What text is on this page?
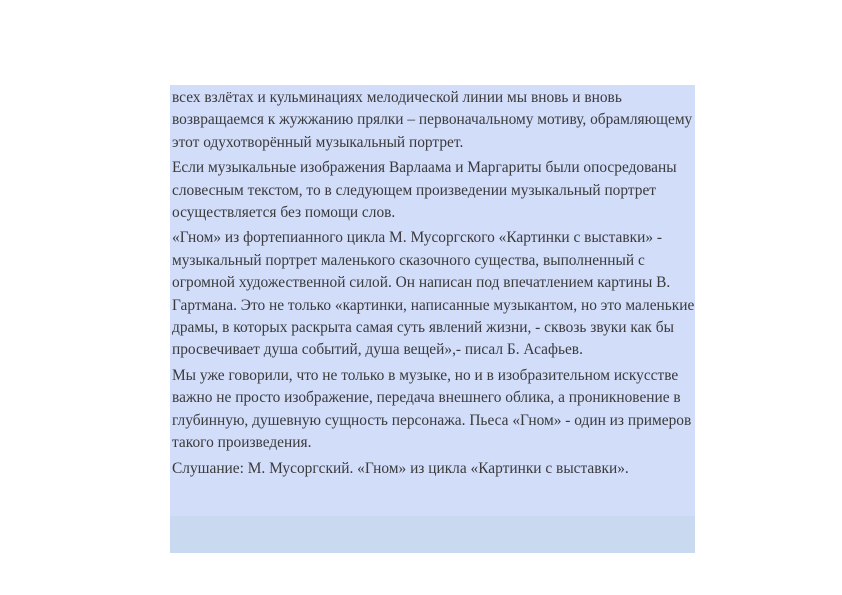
всех взлётах и кульминациях мелодической линии мы вновь и вновь возвращаемся к жужжанию прялки – первоначальному мотиву, обрамляющему этот одухотворённый музыкальный портрет.

Если музыкальные изображения Варлаама и Маргариты были опосредованы словесным текстом, то в следующем произведении музыкальный портрет осуществляется без помощи слов.

«Гном» из фортепианного цикла М. Мусоргского «Картинки с выставки» - музыкальный портрет маленького сказочного существа, выполненный с огромной художественной силой. Он написан под впечатлением картины В. Гартмана. Это не только «картинки, написанные музыкантом, но это маленькие драмы, в которых раскрыта самая суть явлений жизни, - сквозь звуки как бы просвечивает душа событий, душа вещей»,- писал Б. Асафьев.

Мы уже говорили, что не только в музыке, но и в изобразительном искусстве важно не просто изображение, передача внешнего облика, а проникновение в глубинную, душевную сущность персонажа. Пьеса «Гном» - один из примеров такого произведения.

Слушание: М. Мусоргский. «Гном» из цикла «Картинки с выставки».
